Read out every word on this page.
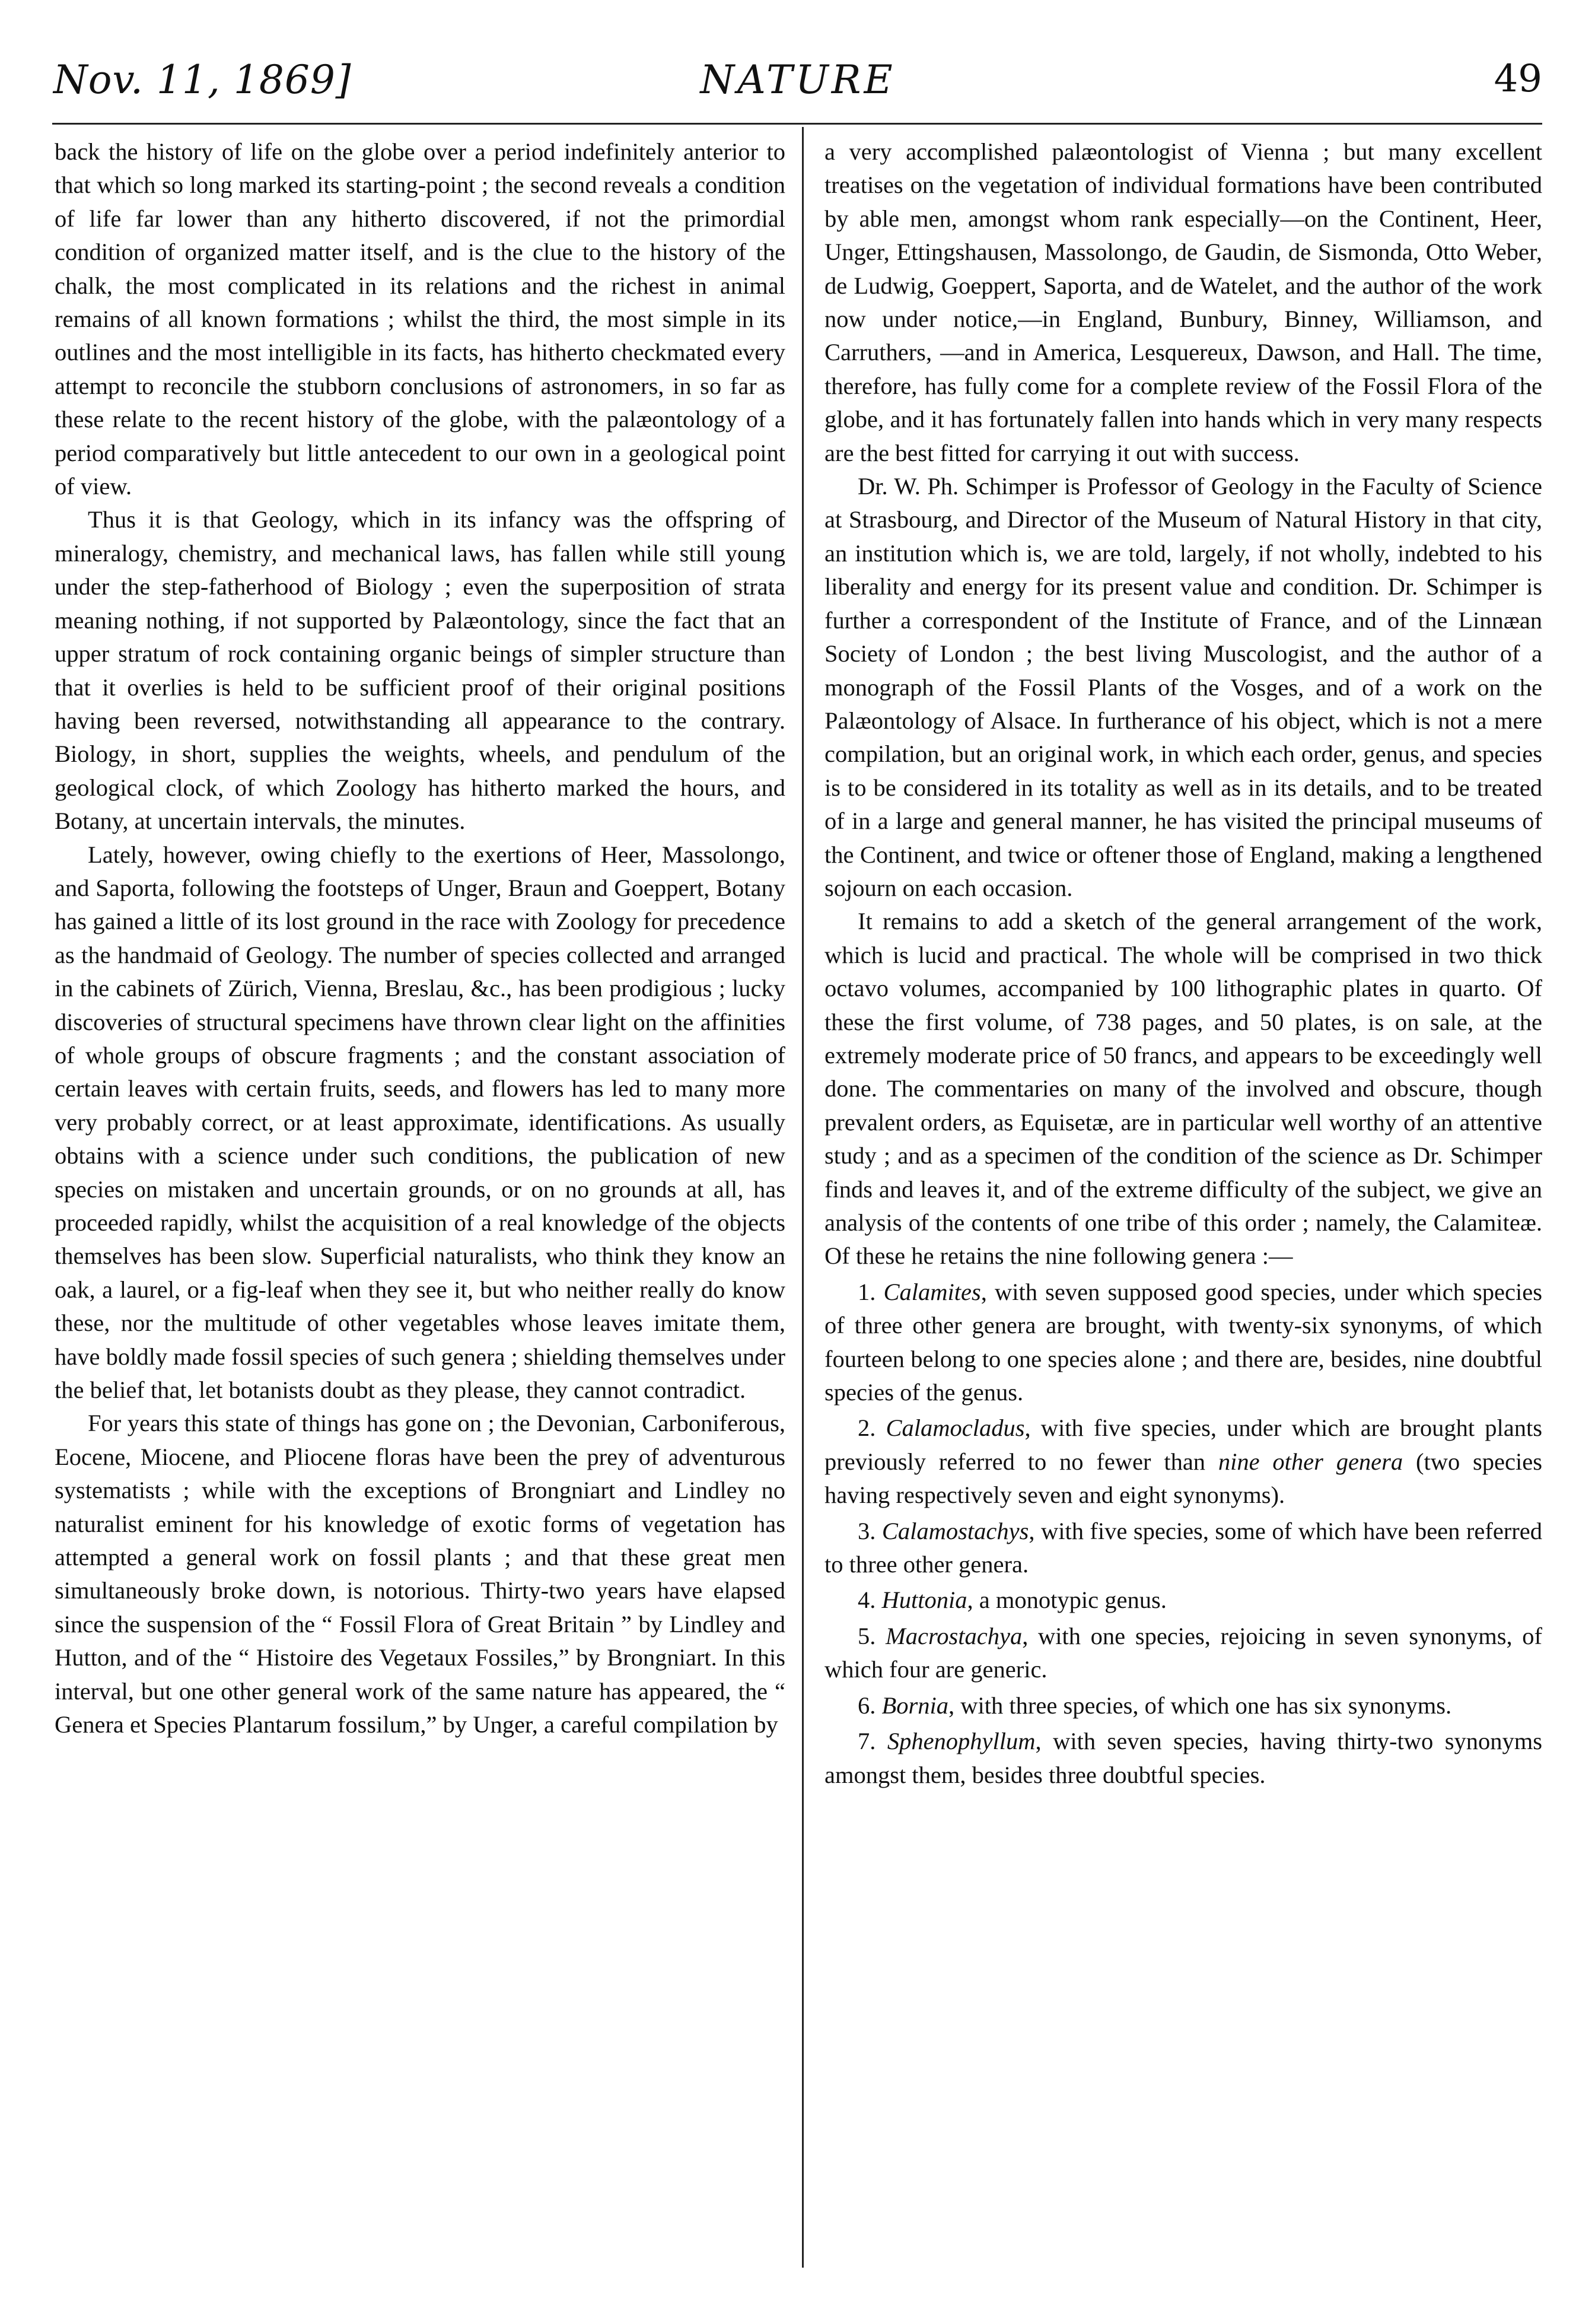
Nov. 11, 1869]	NATURE	49

back the history of life on the globe over a period indefinitely anterior to that which so long marked its starting-point ; the second reveals a condition of life far lower than any hitherto discovered, if not the primordial condition of organized matter itself, and is the clue to the history of the chalk, the most complicated in its relations and the richest in animal remains of all known formations ; whilst the third, the most simple in its outlines and the most intelligible in its facts, has hitherto checkmated every attempt to reconcile the stubborn conclusions of astronomers, in so far as these relate to the recent history of the globe, with the palæontology of a period comparatively but little antecedent to our own in a geological point of view.

Thus it is that Geology, which in its infancy was the offspring of mineralogy, chemistry, and mechanical laws, has fallen while still young under the step-fatherhood of Biology ; even the superposition of strata meaning nothing, if not supported by Palæontology, since the fact that an upper stratum of rock containing organic beings of simpler structure than that it overlies is held to be sufficient proof of their original positions having been reversed, notwithstanding all appearance to the contrary. Biology, in short, supplies the weights, wheels, and pendulum of the geological clock, of which Zoology has hitherto marked the hours, and Botany, at uncertain intervals, the minutes.

Lately, however, owing chiefly to the exertions of Heer, Massolongo, and Saporta, following the footsteps of Unger, Braun and Goeppert, Botany has gained a little of its lost ground in the race with Zoology for precedence as the handmaid of Geology. The number of species collected and arranged in the cabinets of Zürich, Vienna, Breslau, &c., has been prodigious ; lucky discoveries of structural specimens have thrown clear light on the affinities of whole groups of obscure fragments ; and the constant association of certain leaves with certain fruits, seeds, and flowers has led to many more very probably correct, or at least approximate, identifications. As usually obtains with a science under such conditions, the publication of new species on mistaken and uncertain grounds, or on no grounds at all, has proceeded rapidly, whilst the acquisition of a real knowledge of the objects themselves has been slow. Superficial naturalists, who think they know an oak, a laurel, or a fig-leaf when they see it, but who neither really do know these, nor the multitude of other vegetables whose leaves imitate them, have boldly made fossil species of such genera ; shielding themselves under the belief that, let botanists doubt as they please, they cannot contradict.

For years this state of things has gone on ; the Devonian, Carboniferous, Eocene, Miocene, and Pliocene floras have been the prey of adventurous systematists ; while with the exceptions of Brongniart and Lindley no naturalist eminent for his knowledge of exotic forms of vegetation has attempted a general work on fossil plants ; and that these great men simultaneously broke down, is notorious. Thirty-two years have elapsed since the suspension of the “ Fossil Flora of Great Britain ” by Lindley and Hutton, and of the “ Histoire des Vegetaux Fossiles,” by Brongniart. In this interval, but one other general work of the same nature has appeared, the “ Genera et Species Plantarum fossilum,” by Unger, a careful compilation by

a very accomplished palæontologist of Vienna ; but many excellent treatises on the vegetation of individual formations have been contributed by able men, amongst whom rank especially—on the Continent, Heer, Unger, Ettingshausen, Massolongo, de Gaudin, de Sismonda, Otto Weber, de Ludwig, Goeppert, Saporta, and de Watelet, and the author of the work now under notice,—in England, Bunbury, Binney, Williamson, and Carruthers, —and in America, Lesquereux, Dawson, and Hall. The time, therefore, has fully come for a complete review of the Fossil Flora of the globe, and it has fortunately fallen into hands which in very many respects are the best fitted for carrying it out with success.

Dr. W. Ph. Schimper is Professor of Geology in the Faculty of Science at Strasbourg, and Director of the Museum of Natural History in that city, an institution which is, we are told, largely, if not wholly, indebted to his liberality and energy for its present value and condition. Dr. Schimper is further a correspondent of the Institute of France, and of the Linnæan Society of London ; the best living Muscologist, and the author of a monograph of the Fossil Plants of the Vosges, and of a work on the Palæontology of Alsace. In furtherance of his object, which is not a mere compilation, but an original work, in which each order, genus, and species is to be considered in its totality as well as in its details, and to be treated of in a large and general manner, he has visited the principal museums of the Continent, and twice or oftener those of England, making a lengthened sojourn on each occasion.

It remains to add a sketch of the general arrangement of the work, which is lucid and practical. The whole will be comprised in two thick octavo volumes, accompanied by 100 lithographic plates in quarto. Of these the first volume, of 738 pages, and 50 plates, is on sale, at the extremely moderate price of 50 francs, and appears to be exceedingly well done. The commentaries on many of the involved and obscure, though prevalent orders, as Equisetæ, are in particular well worthy of an attentive study ; and as a specimen of the condition of the science as Dr. Schimper finds and leaves it, and of the extreme difficulty of the subject, we give an analysis of the contents of one tribe of this order ; namely, the Calamiteæ. Of these he retains the nine following genera :—

1. Calamites, with seven supposed good species, under which species of three other genera are brought, with twenty-six synonyms, of which fourteen belong to one species alone ; and there are, besides, nine doubtful species of the genus.

2. Calamocladus, with five species, under which are brought plants previously referred to no fewer than nine other genera (two species having respectively seven and eight synonyms).

3. Calamostachys, with five species, some of which have been referred to three other genera.

4. Huttonia, a monotypic genus.

5. Macrostachya, with one species, rejoicing in seven synonyms, of which four are generic.

6. Bornia, with three species, of which one has six synonyms.

7. Sphenophyllum, with seven species, having thirty-two synonyms amongst them, besides three doubtful species.
